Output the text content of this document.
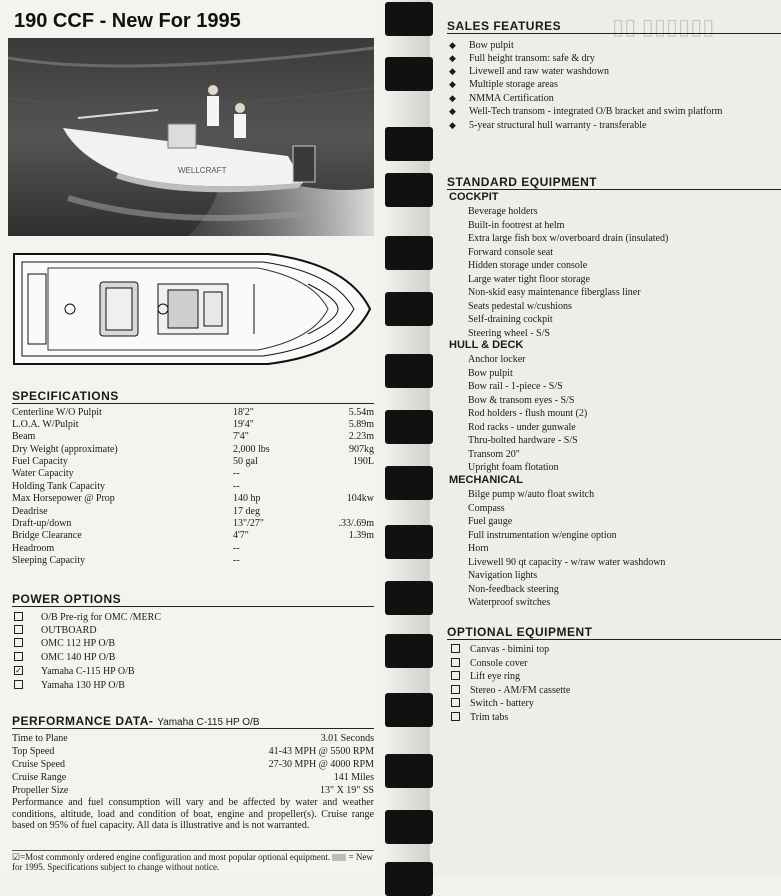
190 CCF - New For 1995
WELLCRAFT
SPECIFICATIONS
Centerline W/O Pulpit	18'2"	5.54m
L.O.A. W/Pulpit	19'4"	5.89m
Beam	7'4"	2.23m
Dry Weight (approximate)	2,000 lbs	907kg
Fuel Capacity	50 gal	190L
Water Capacity	--
Holding Tank Capacity	--
Max Horsepower @ Prop	140 hp	104kw
Deadrise	17 deg
Draft-up/down	13"/27"	.33/.69m
Bridge Clearance	4'7"	1.39m
Headroom	--
Sleeping Capacity	--
POWER OPTIONS
O/B Pre-rig for OMC /MERC
OUTBOARD
OMC 112 HP O/B
OMC 140 HP O/B
✓ Yamaha C-115 HP O/B
Yamaha 130 HP O/B
PERFORMANCE DATA- Yamaha C-115 HP O/B
Time to Plane	3.01 Seconds
Top Speed	41-43 MPH @ 5500 RPM
Cruise Speed	27-30 MPH @ 4000 RPM
Cruise Range	141 Miles
Propeller Size	13" X 19" SS

Performance and fuel consumption will vary and be affected by water and weather conditions, altitude, load and condition of boat, engine and propeller(s). Cruise range based on 95% of fuel capacity. All data is illustrative and is not warranted.

☑=Most commonly ordered engine configuration and most popular optional equipment. = New for 1995. Specifications subject to change without notice.

▯▯ ▯▯▯▯▯▯
SALES FEATURES
◆ Bow pulpit
◆ Full height transom: safe & dry
◆ Livewell and raw water washdown
◆ Multiple storage areas
◆ NMMA Certification
◆ Well-Tech transom - integrated O/B bracket and swim platform
◆ 5-year structural hull warranty - transferable
STANDARD EQUIPMENT
COCKPIT
Beverage holders
Built-in footrest at helm
Extra large fish box w/overboard drain (insulated)
Forward console seat
Hidden storage under console
Large water tight floor storage
Non-skid easy maintenance fiberglass liner
Seats pedestal w/cushions
Self-draining cockpit
Steering wheel - S/S
HULL & DECK
Anchor locker
Bow pulpit
Bow rail - 1-piece - S/S
Bow & transom eyes - S/S
Rod holders - flush mount (2)
Rod racks - under gunwale
Thru-bolted hardware - S/S
Transom 20"
Upright foam flotation
MECHANICAL
Bilge pump w/auto float switch
Compass
Fuel gauge
Full instrumentation w/engine option
Horn
Livewell 90 qt capacity - w/raw water washdown
Navigation lights
Non-feedback steering
Waterproof switches
OPTIONAL EQUIPMENT
Canvas - bimini top
Console cover
Lift eye ring
Stereo - AM/FM cassette
Switch - battery
Trim tabs
